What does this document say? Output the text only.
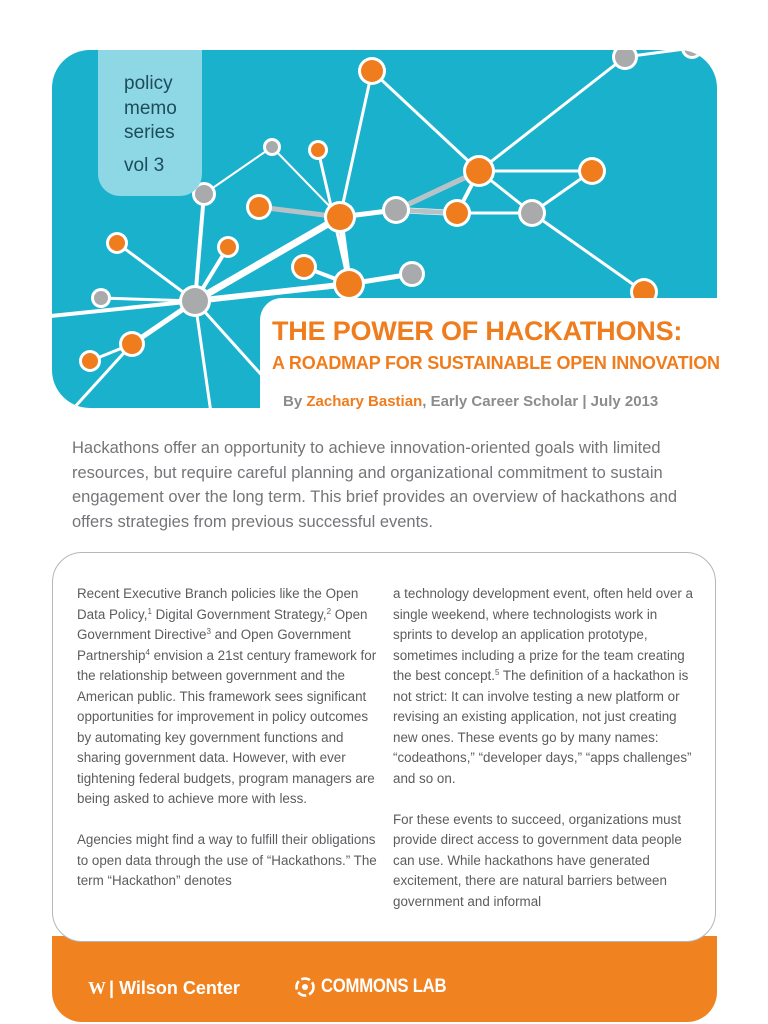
policy
memo
series
vol 3
THE POWER OF HACKATHONS:
A ROADMAP FOR SUSTAINABLE OPEN INNOVATION
By Zachary Bastian, Early Career Scholar | July 2013
Hackathons offer an opportunity to achieve innovation-oriented goals with limited resources, but require careful planning and organizational commitment to sustain engagement over the long term. This brief provides an overview of hackathons and offers strategies from previous successful events.

Recent Executive Branch policies like the Open Data Policy,$^1$ Digital Government Strategy,$^2$ Open Government Directive$^3$ and Open Government Partnership$^4$ envision a 21st century framework for the relationship between government and the American public. This framework sees significant opportunities for improvement in policy outcomes by automating key government functions and sharing government data. However, with ever tightening federal budgets, program managers are being asked to achieve more with less.

Agencies might find a way to fulfill their obligations to open data through the use of “Hackathons.” The term “Hackathon” denotes

a technology development event, often held over a single weekend, where technologists work in sprints to develop an application prototype, sometimes including a prize for the team creating the best concept.$^5$ The definition of a hackathon is not strict: It can involve testing a new platform or revising an existing application, not just creating new ones. These events go by many names: “codeathons,” “developer days,” “apps challenges” and so on.

For these events to succeed, organizations must provide direct access to government data people can use. While hackathons have generated excitement, there are natural barriers between government and informal

W | Wilson Center	COMMONS LAB
